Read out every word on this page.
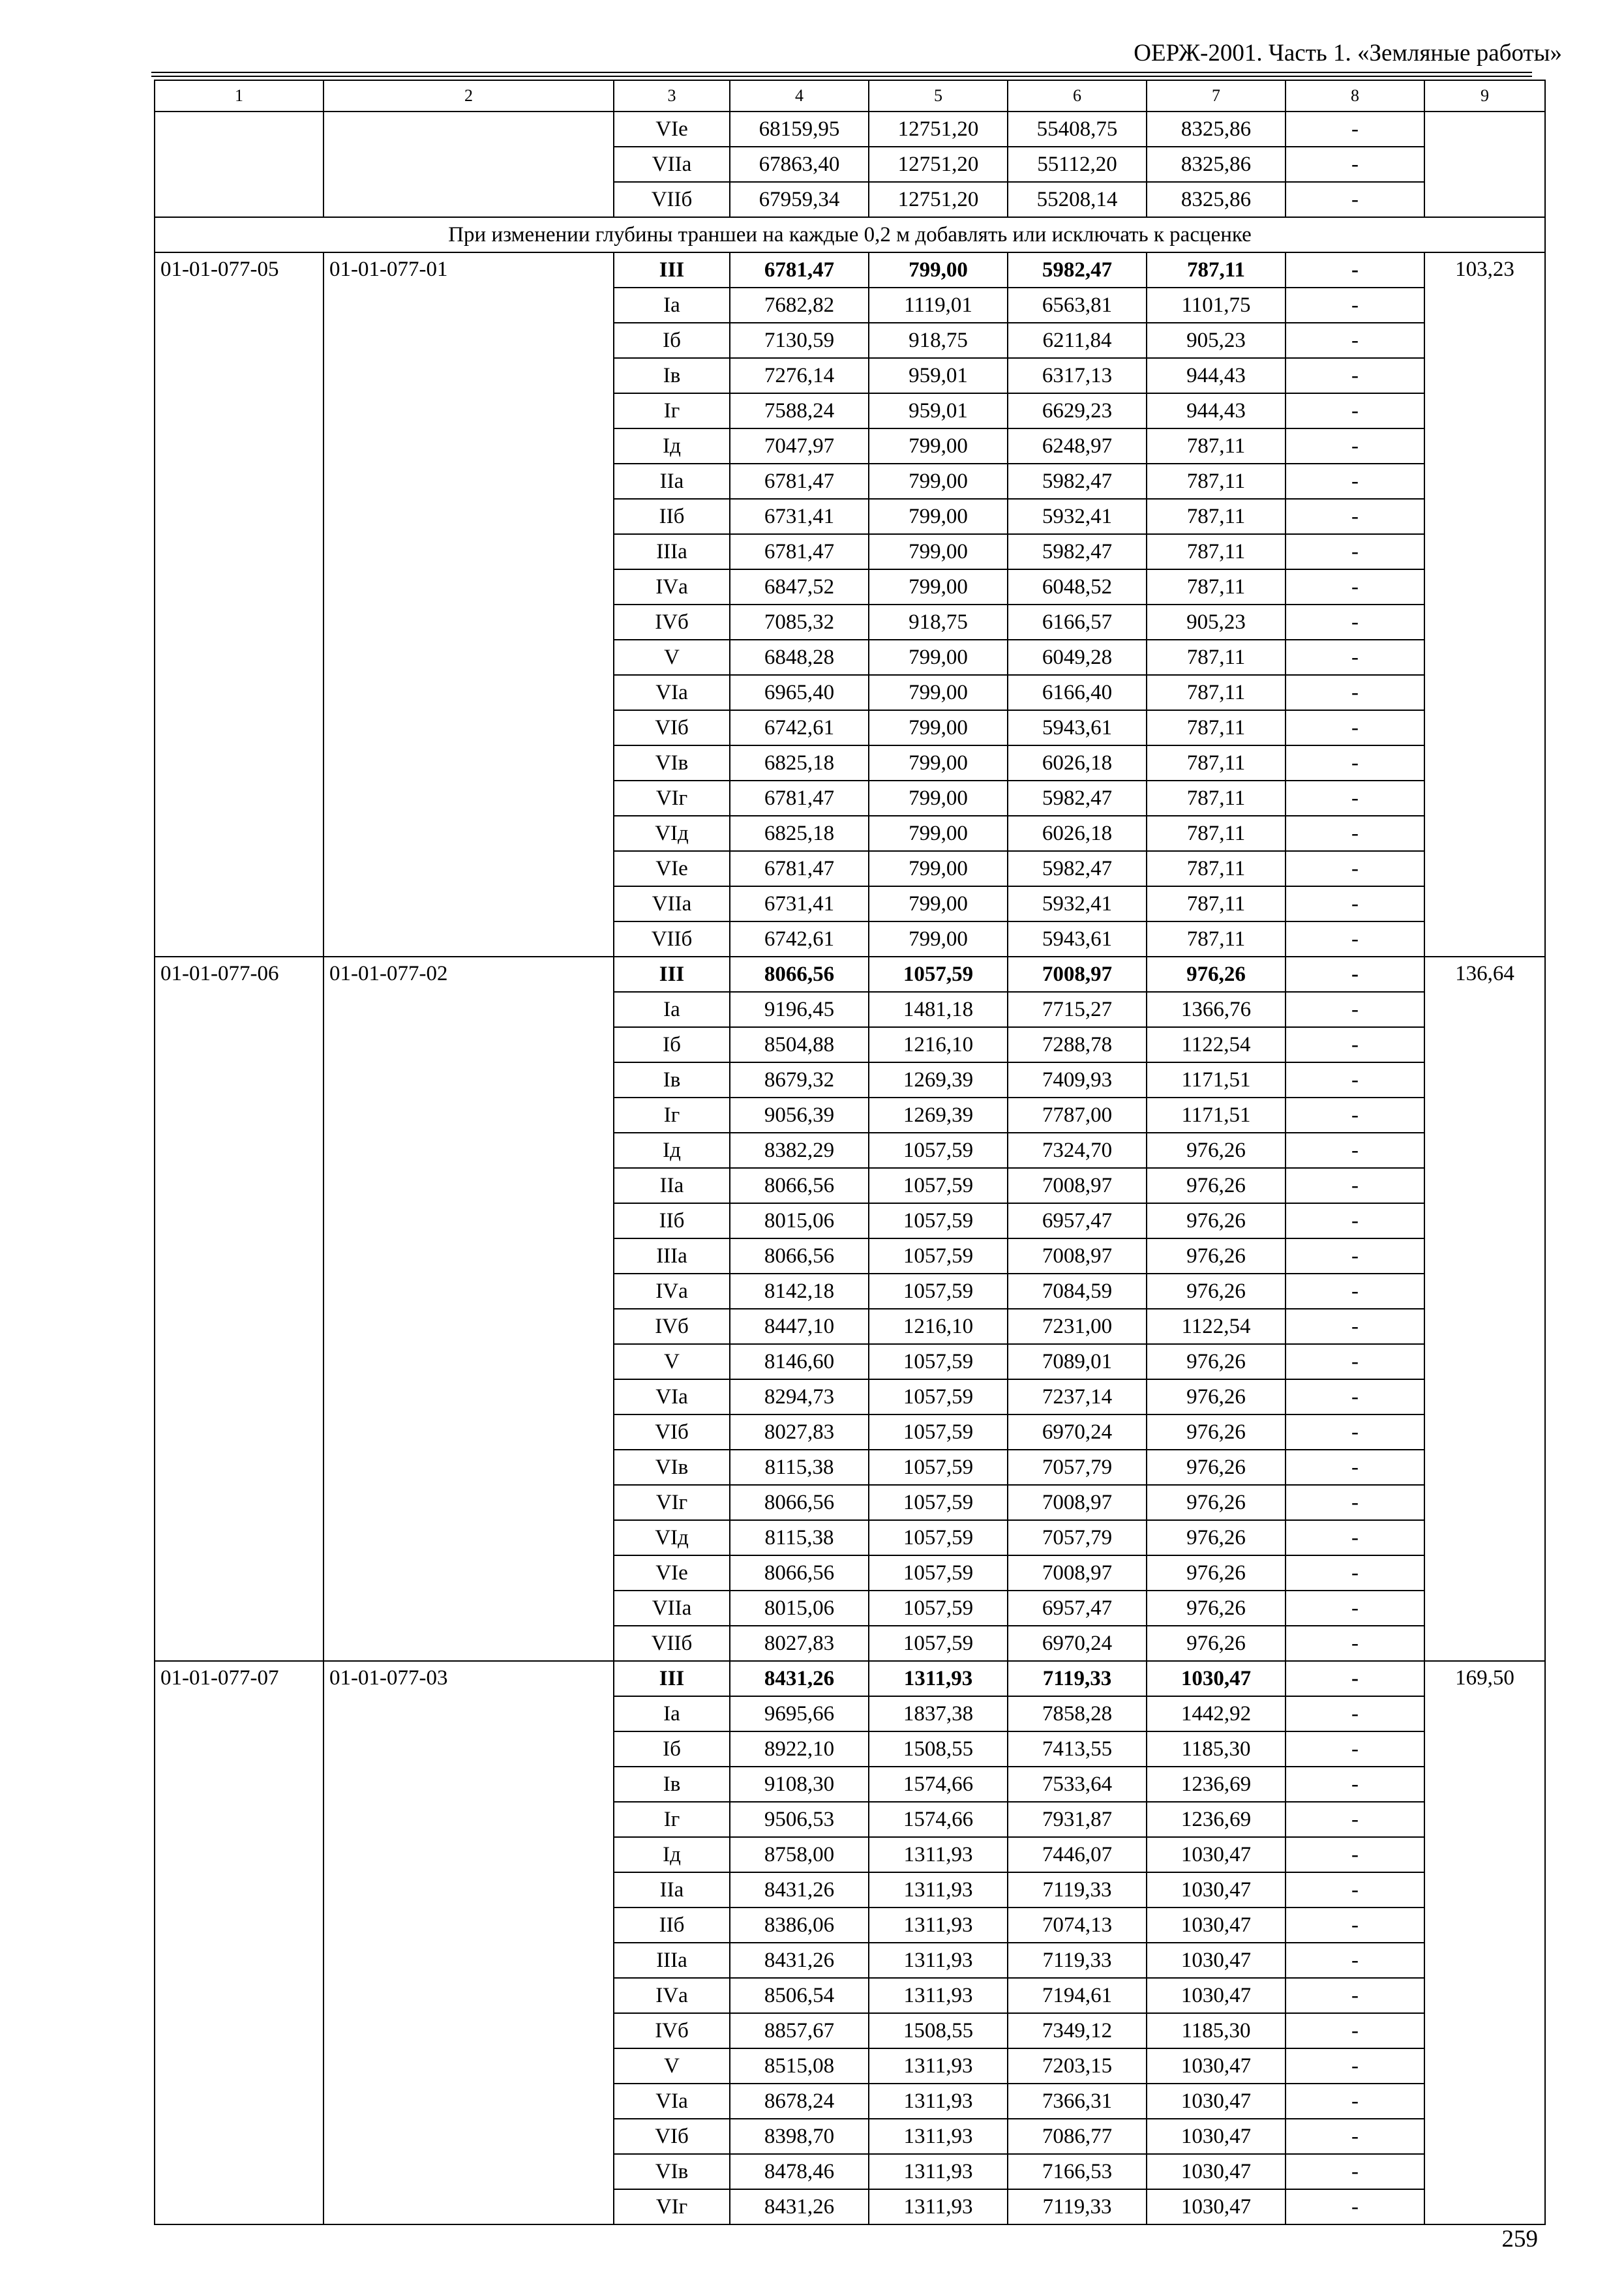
ОЕРЖ-2001. Часть 1. «Земляные работы»
1	2	3	4	5	6	7	8	9
		VIе	68159,95	12751,20	55408,75	8325,86	-	
		VIIа	67863,40	12751,20	55112,20	8325,86	-	
		VIIб	67959,34	12751,20	55208,14	8325,86	-	
При изменении глубины траншеи на каждые 0,2 м добавлять или исключать к расценке								
01-01-077-05	01-01-077-01	III	6781,47	799,00	5982,47	787,11	-	103,23
		Iа	7682,82	1119,01	6563,81	1101,75	-	
		Iб	7130,59	918,75	6211,84	905,23	-	
		Iв	7276,14	959,01	6317,13	944,43	-	
		Iг	7588,24	959,01	6629,23	944,43	-	
		Iд	7047,97	799,00	6248,97	787,11	-	
		IIа	6781,47	799,00	5982,47	787,11	-	
		IIб	6731,41	799,00	5932,41	787,11	-	
		IIIа	6781,47	799,00	5982,47	787,11	-	
		IVа	6847,52	799,00	6048,52	787,11	-	
		IVб	7085,32	918,75	6166,57	905,23	-	
		V	6848,28	799,00	6049,28	787,11	-	
		VIа	6965,40	799,00	6166,40	787,11	-	
		VIб	6742,61	799,00	5943,61	787,11	-	
		VIв	6825,18	799,00	6026,18	787,11	-	
		VIг	6781,47	799,00	5982,47	787,11	-	
		VIд	6825,18	799,00	6026,18	787,11	-	
		VIе	6781,47	799,00	5982,47	787,11	-	
		VIIа	6731,41	799,00	5932,41	787,11	-	
		VIIб	6742,61	799,00	5943,61	787,11	-	
01-01-077-06	01-01-077-02	III	8066,56	1057,59	7008,97	976,26	-	136,64
		Iа	9196,45	1481,18	7715,27	1366,76	-	
		Iб	8504,88	1216,10	7288,78	1122,54	-	
		Iв	8679,32	1269,39	7409,93	1171,51	-	
		Iг	9056,39	1269,39	7787,00	1171,51	-	
		Iд	8382,29	1057,59	7324,70	976,26	-	
		IIа	8066,56	1057,59	7008,97	976,26	-	
		IIб	8015,06	1057,59	6957,47	976,26	-	
		IIIа	8066,56	1057,59	7008,97	976,26	-	
		IVа	8142,18	1057,59	7084,59	976,26	-	
		IVб	8447,10	1216,10	7231,00	1122,54	-	
		V	8146,60	1057,59	7089,01	976,26	-	
		VIа	8294,73	1057,59	7237,14	976,26	-	
		VIб	8027,83	1057,59	6970,24	976,26	-	
		VIв	8115,38	1057,59	7057,79	976,26	-	
		VIг	8066,56	1057,59	7008,97	976,26	-	
		VIд	8115,38	1057,59	7057,79	976,26	-	
		VIе	8066,56	1057,59	7008,97	976,26	-	
		VIIа	8015,06	1057,59	6957,47	976,26	-	
		VIIб	8027,83	1057,59	6970,24	976,26	-	
01-01-077-07	01-01-077-03	III	8431,26	1311,93	7119,33	1030,47	-	169,50
		Iа	9695,66	1837,38	7858,28	1442,92	-	
		Iб	8922,10	1508,55	7413,55	1185,30	-	
		Iв	9108,30	1574,66	7533,64	1236,69	-	
		Iг	9506,53	1574,66	7931,87	1236,69	-	
		Iд	8758,00	1311,93	7446,07	1030,47	-	
		IIа	8431,26	1311,93	7119,33	1030,47	-	
		IIб	8386,06	1311,93	7074,13	1030,47	-	
		IIIа	8431,26	1311,93	7119,33	1030,47	-	
		IVа	8506,54	1311,93	7194,61	1030,47	-	
		IVб	8857,67	1508,55	7349,12	1185,30	-	
		V	8515,08	1311,93	7203,15	1030,47	-	
		VIа	8678,24	1311,93	7366,31	1030,47	-	
		VIб	8398,70	1311,93	7086,77	1030,47	-	
		VIв	8478,46	1311,93	7166,53	1030,47	-	
		VIг	8431,26	1311,93	7119,33	1030,47	-	
259
